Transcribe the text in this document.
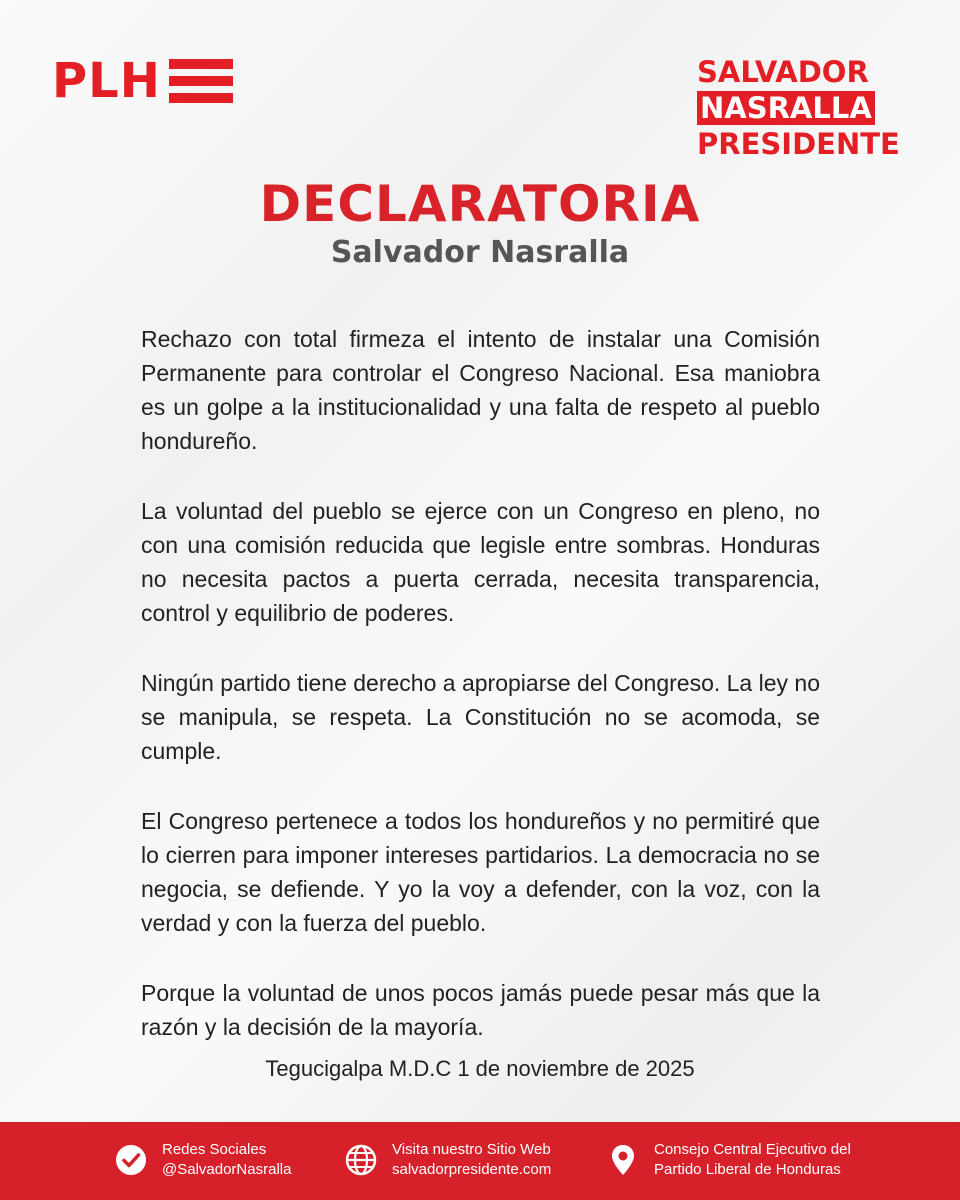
PLH	SALVADOR
NASRALLA
PRESIDENTE
DECLARATORIA
Salvador Nasralla

Rechazo con total firmeza el intento de instalar una Comisión Permanente para controlar el Congreso Nacional. Esa maniobra es un golpe a la institucionalidad y una falta de respeto al pueblo hondureño.

La voluntad del pueblo se ejerce con un Congreso en pleno, no con una comisión reducida que legisle entre sombras. Honduras no necesita pactos a puerta cerrada, necesita transparencia, control y equilibrio de poderes.

Ningún partido tiene derecho a apropiarse del Congreso. La ley no se manipula, se respeta. La Constitución no se acomoda, se cumple.

El Congreso pertenece a todos los hondureños y no permitiré que lo cierren para imponer intereses partidarios. La democracia no se negocia, se defiende. Y yo la voy a defender, con la voz, con la verdad y con la fuerza del pueblo.

Porque la voluntad de unos pocos jamás puede pesar más que la razón y la decisión de la mayoría.

Tegucigalpa M.D.C 1 de noviembre de 2025
Redes Sociales
@SalvadorNasralla
Visita nuestro Sitio Web
salvadorpresidente.com
Consejo Central Ejecutivo del
Partido Liberal de Honduras
